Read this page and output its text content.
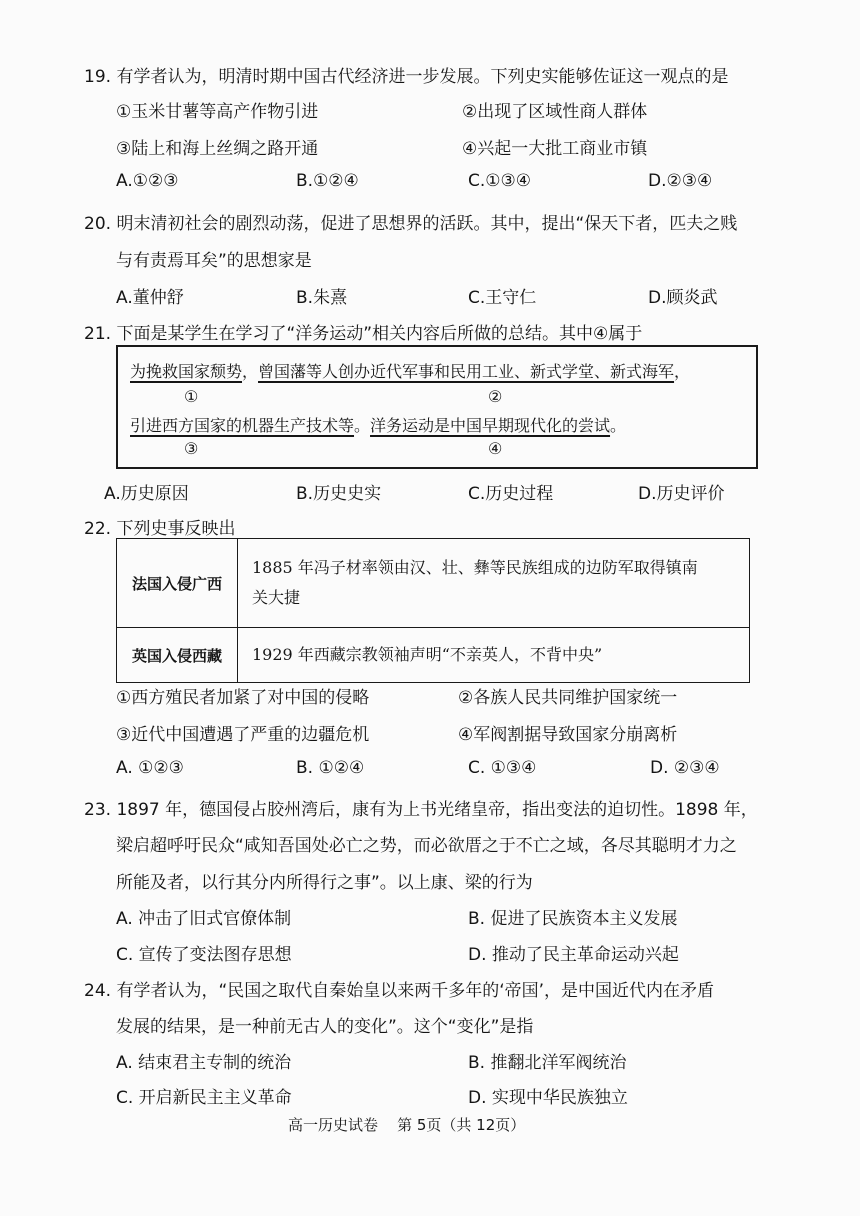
19. 有学者认为，明清时期中国古代经济进一步发展。下列史实能够佐证这一观点的是
①玉米甘薯等高产作物引进	②出现了区域性商人群体
③陆上和海上丝绸之路开通	④兴起一大批工商业市镇
A.①②③	B.①②④	C.①③④	D.②③④
20. 明末清初社会的剧烈动荡，促进了思想界的活跃。其中，提出“保天下者，匹夫之贱
与有责焉耳矣”的思想家是
A.董仲舒	B.朱熹	C.王守仁	D.顾炎武
21. 下面是某学生在学习了“洋务运动”相关内容后所做的总结。其中④属于
为挽救国家颓势，曾国藩等人创办近代军事和民用工业、新式学堂、新式海军，
①	②
引进西方国家的机器生产技术等。洋务运动是中国早期现代化的尝试。
③	④
A.历史原因	B.历史史实	C.历史过程	D.历史评价
22. 下列史事反映出
法国入侵广西	1885 年冯子材率领由汉、壮、彝等民族组成的边防军取得镇南
关大捷

英国入侵西藏	1929 年西藏宗教领袖声明“不亲英人，不背中央”
①西方殖民者加紧了对中国的侵略	②各族人民共同维护国家统一
③近代中国遭遇了严重的边疆危机	④军阀割据导致国家分崩离析
A. ①②③	B. ①②④	C. ①③④	D. ②③④
23. 1897 年，德国侵占胶州湾后，康有为上书光绪皇帝，指出变法的迫切性。1898 年，
梁启超呼吁民众“咸知吾国处必亡之势，而必欲厝之于不亡之域，各尽其聪明才力之
所能及者，以行其分内所得行之事”。以上康、梁的行为
A. 冲击了旧式官僚体制	B. 促进了民族资本主义发展
C. 宣传了变法图存思想	D. 推动了民主革命运动兴起
24. 有学者认为，“民国之取代自秦始皇以来两千多年的‘帝国’，是中国近代内在矛盾
发展的结果，是一种前无古人的变化”。这个“变化”是指
A. 结束君主专制的统治	B. 推翻北洋军阀统治
C. 开启新民主主义革命	D. 实现中华民族独立
高一历史试卷    第 5页（共 12页）
